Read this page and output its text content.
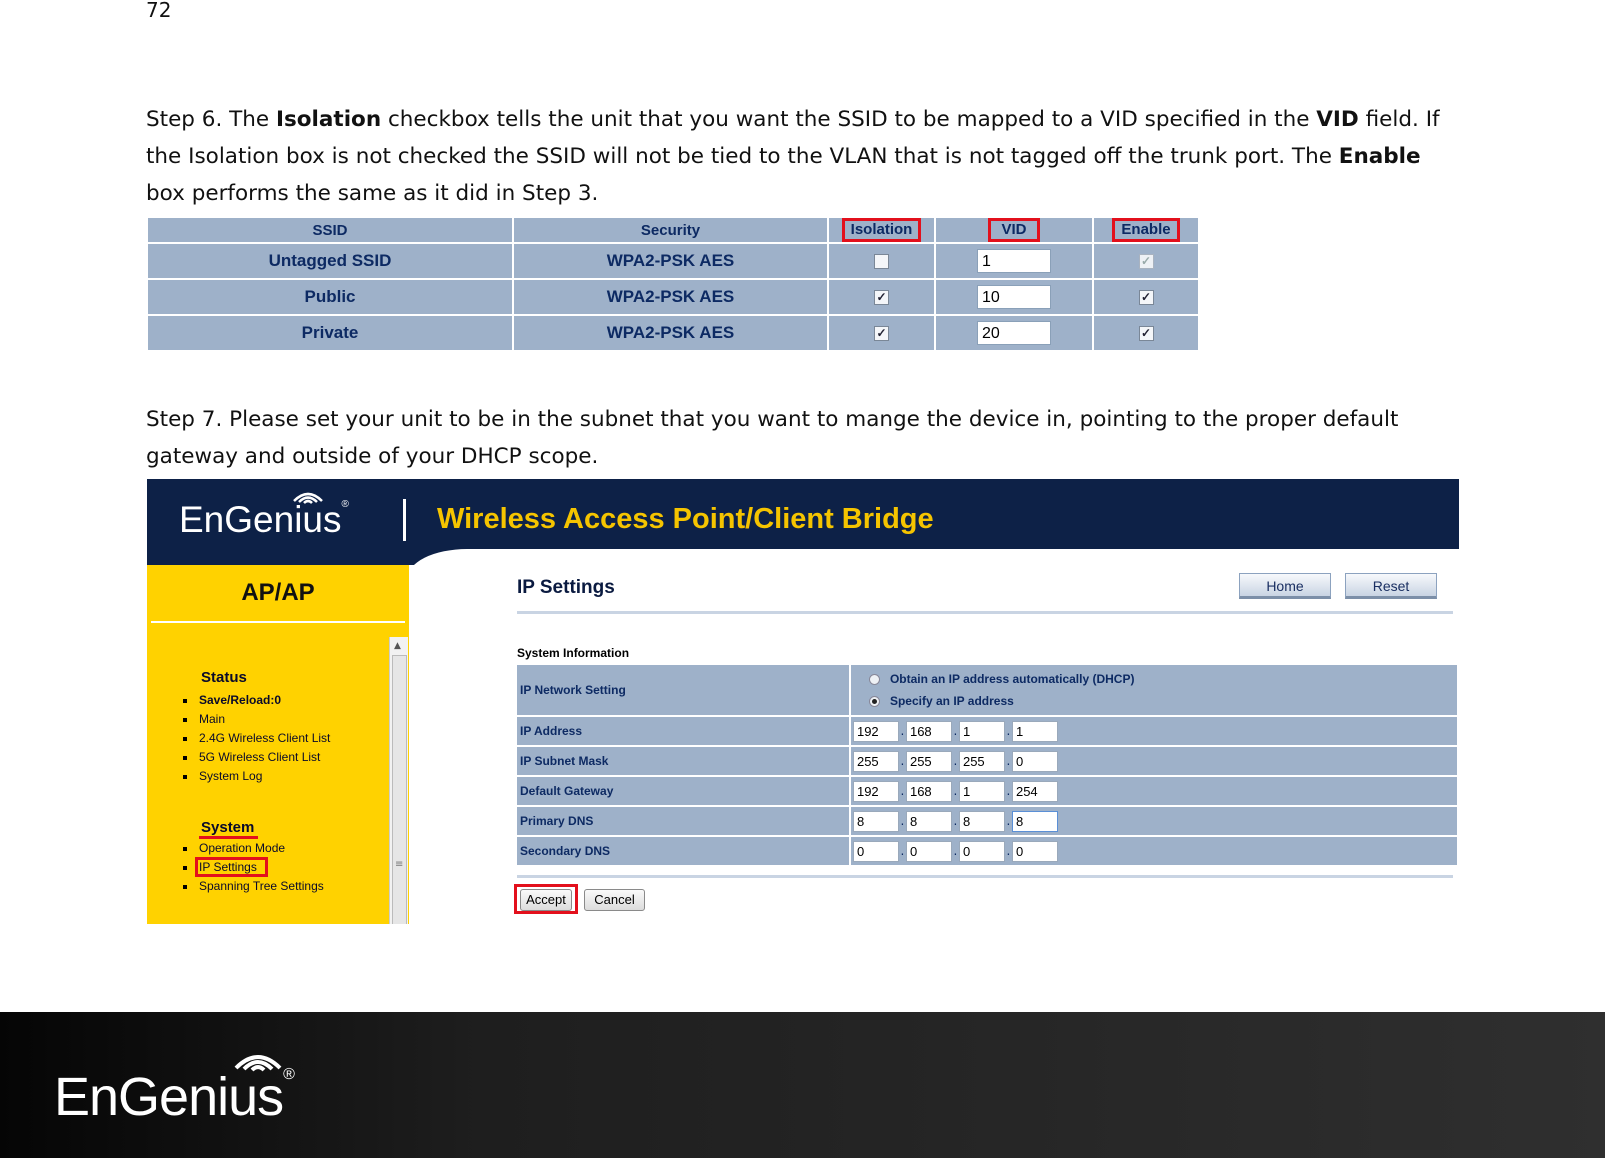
72

Step 6. The Isolation checkbox tells the unit that you want the SSID to be mapped to a VID specified in the VID field. If the Isolation box is not checked the SSID will not be tied to the VLAN that is not tagged off the trunk port. The Enable box performs the same as it did in Step 3.

SSID	Security	Isolation	VID	Enable
Untagged SSID	WPA2-PSK AES		1	✓
Public	WPA2-PSK AES	✓	10	✓
Private	WPA2-PSK AES	✓	20	✓

Step 7. Please set your unit to be in the subnet that you want to mange the device in, pointing to the proper default gateway and outside of your DHCP scope.

EnGenius®	Wireless Access Point/Client Bridge
AP/AP
Status
Save/Reload:0
Main
2.4G Wireless Client List
5G Wireless Client List
System Log
System
Operation Mode
IP Settings
Spanning Tree Settings
▲
≡
IP Settings	Home	Reset
System Information
IP Network Setting	Obtain an IP address automatically (DHCP)
Specify an IP address

IP Address	192 . 168 . 1 . 1
IP Subnet Mask	255 . 255 . 255 . 0
Default Gateway	192 . 168 . 1 . 254
Primary DNS	8 . 8 . 8 . 8
Secondary DNS	0 . 0 . 0 . 0
Accept	Cancel
EnGenius®
